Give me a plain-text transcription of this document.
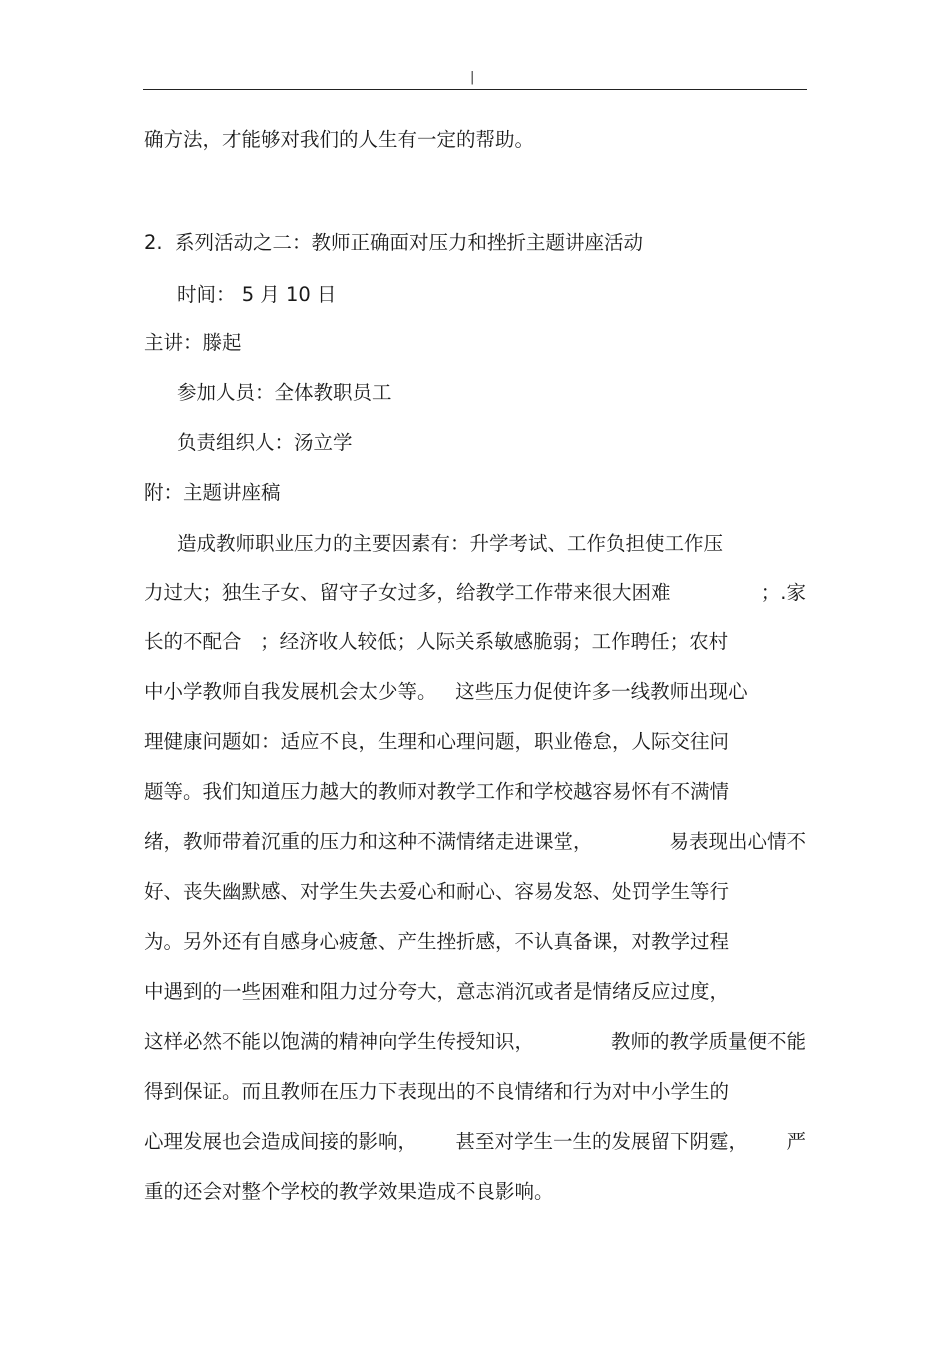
|
确方法，才能够对我们的人生有一定的帮助。
2.  系列活动之二：教师正确面对压力和挫折主题讲座活动
时间： 5 月 10 日
主讲：滕起
参加人员：全体教职员工
负责组织人：汤立学
附：主题讲座稿
造成教师职业压力的主要因素有：升学考试、工作负担使工作压
力过大；独生子女、留守子女过多，给教学工作带来很大困难	；.家
长的不配合   ；经济收人较低；人际关系敏感脆弱；工作聘任；农村
中小学教师自我发展机会太少等。   这些压力促使许多一线教师出现心
理健康问题如：适应不良，生理和心理问题，职业倦怠，人际交往问
题等。我们知道压力越大的教师对教学工作和学校越容易怀有不满情
绪，教师带着沉重的压力和这种不满情绪走进课堂，	易表现出心情不
好、丧失幽默感、对学生失去爱心和耐心、容易发怒、处罚学生等行
为。另外还有自感身心疲惫、产生挫折感，不认真备课，对教学过程
中遇到的一些困难和阻力过分夸大，意志消沉或者是情绪反应过度，
这样必然不能以饱满的精神向学生传授知识，	教师的教学质量便不能
得到保证。而且教师在压力下表现出的不良情绪和行为对中小学生的
心理发展也会造成间接的影响， 甚至对学生一生的发展留下阴霆， 严
重的还会对整个学校的教学效果造成不良影响。
